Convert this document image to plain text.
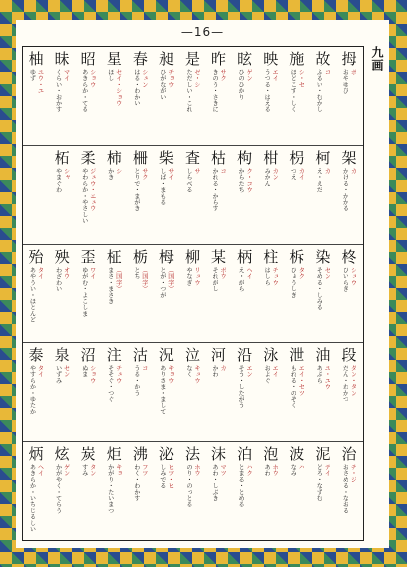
—16—
九画
拇
ボ
おやゆび
故
コ
ふるい・むかし
施
シ・セ
ほどこす・しく
映
エイ
うつる・はえる
昡
ゲン
ひのひかり
昨
サク
きのう・さきに
是
ゼ・シ
ただしい・これ
昶
チョウ
ひがながい
春
シュン
はる・わかい
星
セイ・ショウ
ほし
昭
ショウ
あきらか・てる
昧
マイ
くらい・おかす
柚
ユウ・ユ
ゆず
架
カ
かける・かかる
柯
カ
え・えだ
枴
カイ
つえ
柑
カン
みかん
枸
ク・コウ
からたち
枯
コ
かれる・からす
査
サ
しらべる
柴
サイ
しば・まもる
柵
サク
とりで・まがき
柿
シ
かき
柔
ジュウ・ニュウ
やわらか・やさしい
柘
シャ
やまぐわ
柊
シュウ
ひいらぎ
染
セン
そめる・しみる
柝
タク
ひょうしぎ
柱
チュウ
はしら
柄
ヘイ
え・がら
某
ボウ
それがし
柳
リュウ
やなぎ
栂
（国字）
とが・つが
栃
（国字）
とち
柾
（国字）
まさ・まさき
歪
ワイ
ゆがむ・よこしま
殃
オウ
わざわい
殆
タイ
あやうい・ほとんど
段
ダン・タン
だん・わかつ
油
ユ・ユウ
あぶら
泄
エイ・セツ
もれる・のぞく
泳
エイ
およぐ
沿
エン
そう・したがう
河
カ
かわ
泣
キュウ
なく
況
キョウ
ありさま・まして
沽
コ
うる・かう
注
チュウ
そそぐ・つぐ
沼
ショウ
ぬま
泉
セン
いずみ
泰
タイ
やすらか・ゆたか
治
チ・ジ
おさめる・なおる
泥
デイ
どろ・なずむ
波
ハ
なみ
泡
ホウ
あわ
泊
ハク
とまる・とめる
沫
マツ
あわ・しぶき
法
ホウ
のり・のっとる
泌
ヒツ・ヒ
しみでる
沸
フツ
わく・わかす
炬
キョ
かがり・たいまつ
炭
タン
すみ
炫
ゲン
かがやく・てらう
炳
ヘイ
あきらか・いちじるしい
